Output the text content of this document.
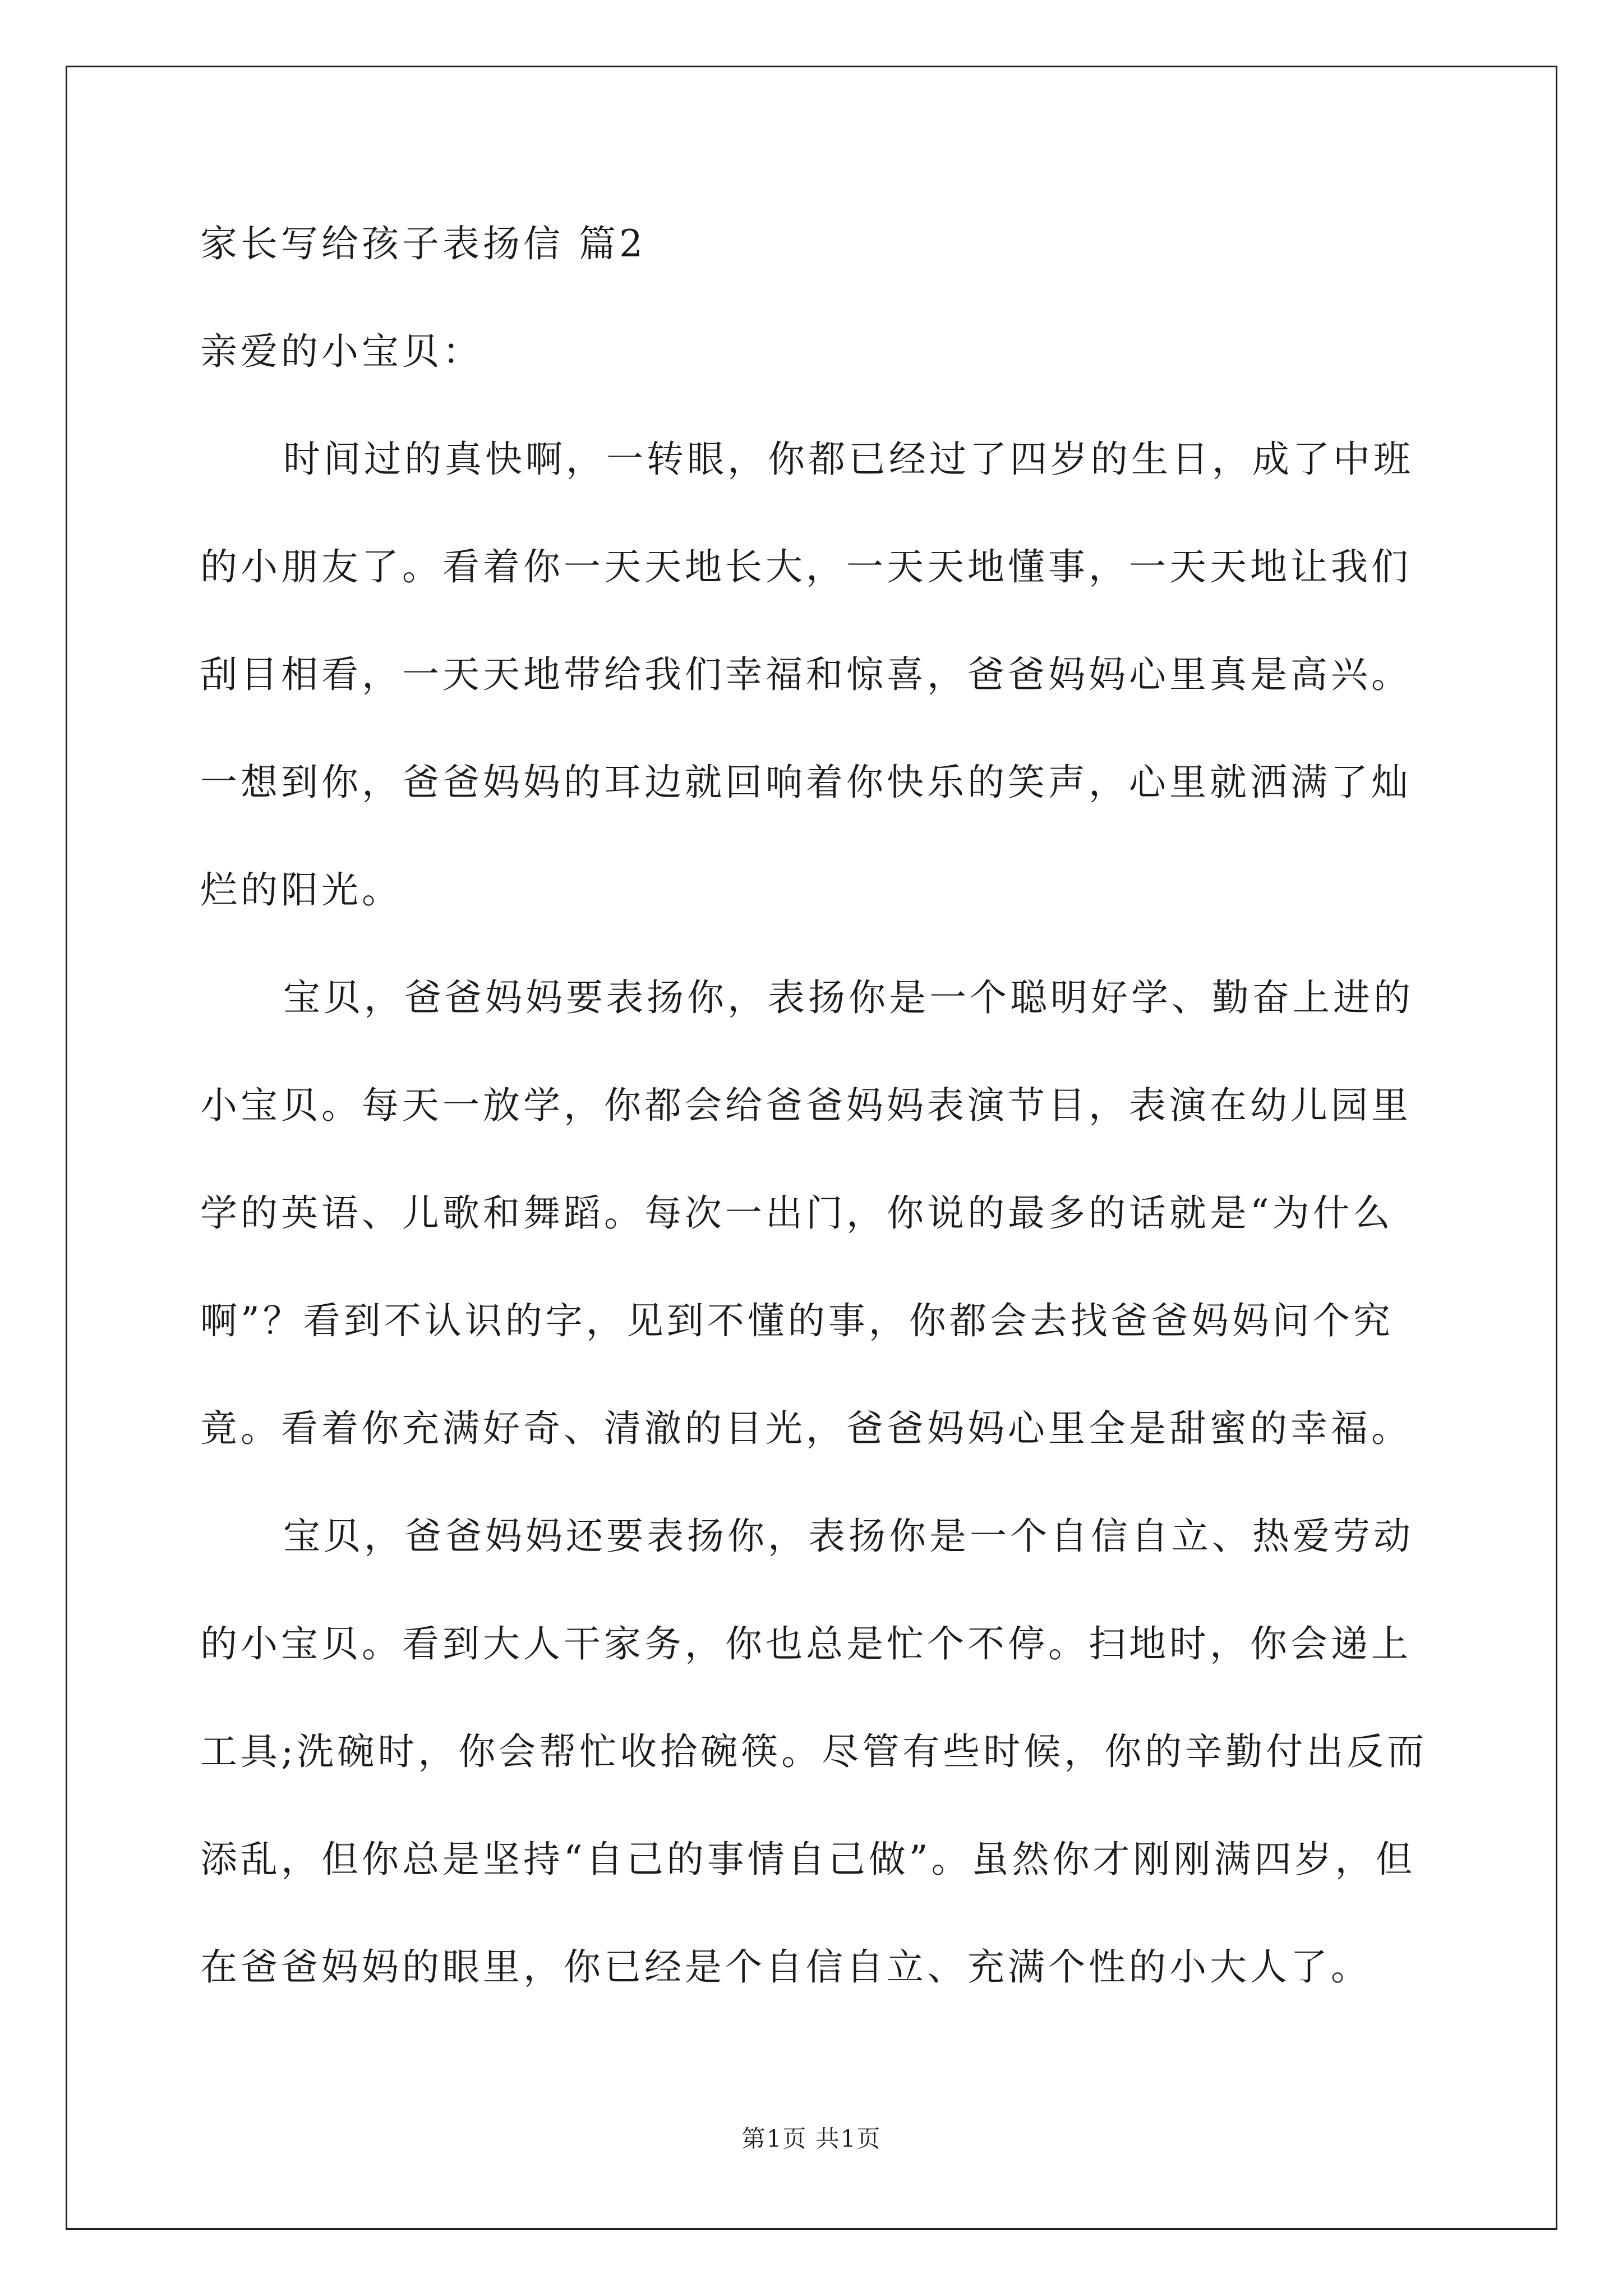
家长写给孩子表扬信 篇2
亲爱的小宝贝：
时间过的真快啊，一转眼，你都已经过了四岁的生日，成了中班
的小朋友了。看着你一天天地长大，一天天地懂事，一天天地让我们
刮目相看，一天天地带给我们幸福和惊喜，爸爸妈妈心里真是高兴。
一想到你，爸爸妈妈的耳边就回响着你快乐的笑声，心里就洒满了灿
烂的阳光。
宝贝，爸爸妈妈要表扬你，表扬你是一个聪明好学、勤奋上进的
小宝贝。每天一放学，你都会给爸爸妈妈表演节目，表演在幼儿园里
学的英语、儿歌和舞蹈。每次一出门，你说的最多的话就是“为什么
啊”？看到不认识的字，见到不懂的事，你都会去找爸爸妈妈问个究
竟。看着你充满好奇、清澈的目光，爸爸妈妈心里全是甜蜜的幸福。
宝贝，爸爸妈妈还要表扬你，表扬你是一个自信自立、热爱劳动
的小宝贝。看到大人干家务，你也总是忙个不停。扫地时，你会递上
工具;洗碗时，你会帮忙收拾碗筷。尽管有些时候，你的辛勤付出反而
添乱，但你总是坚持“自己的事情自己做”。虽然你才刚刚满四岁，但
在爸爸妈妈的眼里，你已经是个自信自立、充满个性的小大人了。
第1页 共1页
